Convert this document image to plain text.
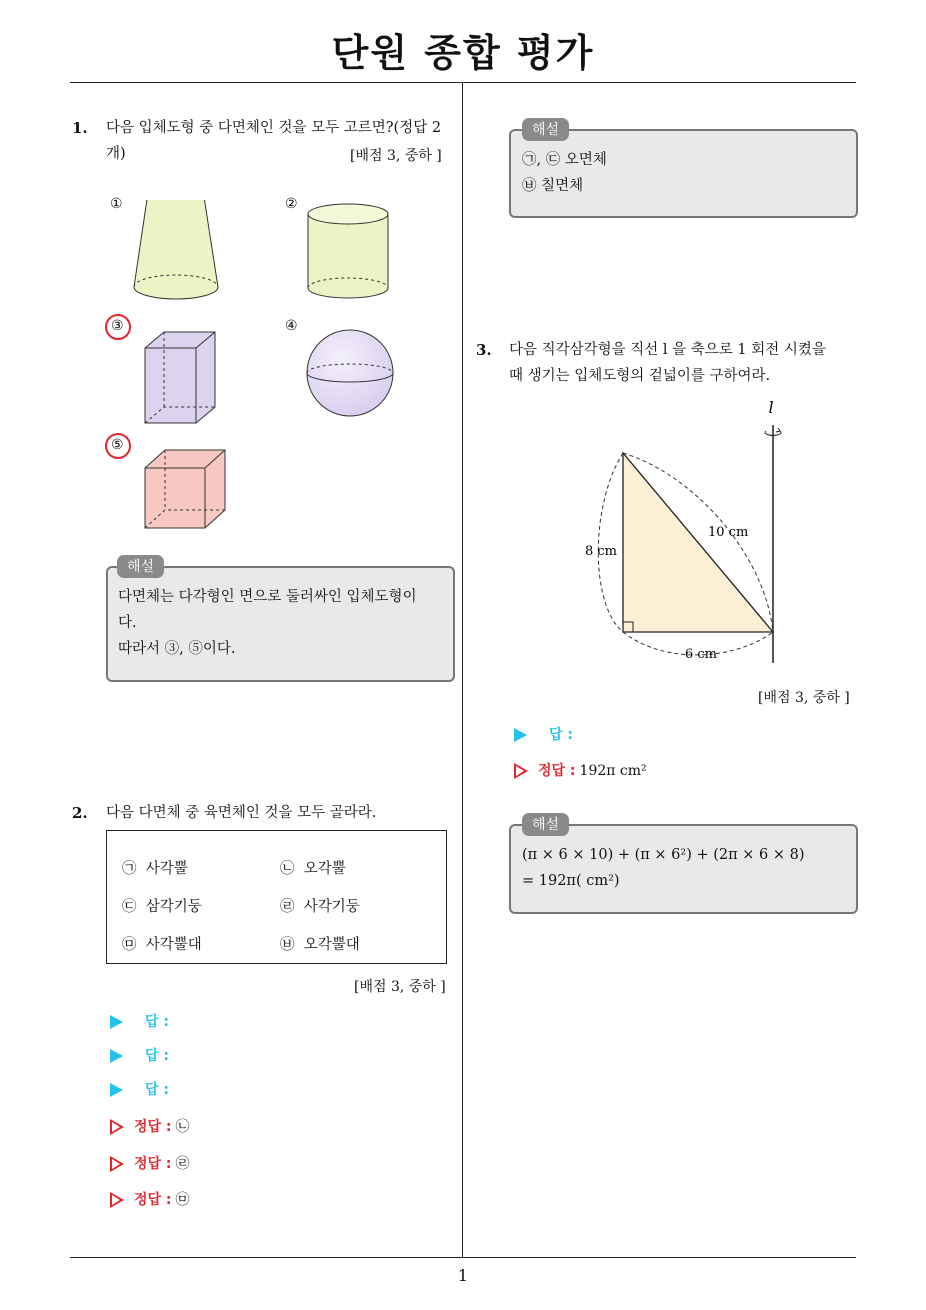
단원 종합 평가
1
1. 다음 입체도형 중 다면체인 것을 모두 고르면?(정답 2
개)	[배점 3, 중하 ]
①	②
③	④
⑤
해설
다면체는 다각형인 면으로 둘러싸인 입체도형이
다.
따라서 ③, ⑤이다.
2. 다음 다면체 중 육면체인 것을 모두 골라라.
㉠ 사각뿔	㉡ 오각뿔
㉢ 삼각기둥	㉣ 사각기둥
㉤ 사각뿔대	㉥ 오각뿔대
[배점 3, 중하 ]
답 :
답 :
답 :
정답 : ㉡
정답 : ㉣
정답 : ㉤
해설
㉠, ㉢ 오면체
㉥ 칠면체
3. 다음 직각삼각형을 직선 l 을 축으로 1 회전 시켰을
때 생기는 입체도형의 겉넓이를 구하여라.
l
8 cm
10 cm
6 cm
[배점 3, 중하 ]
답 :
정답 : 192π cm²
해설
(π × 6 × 10) + (π × 6²) + (2π × 6 × 8)
= 192π( cm²)
